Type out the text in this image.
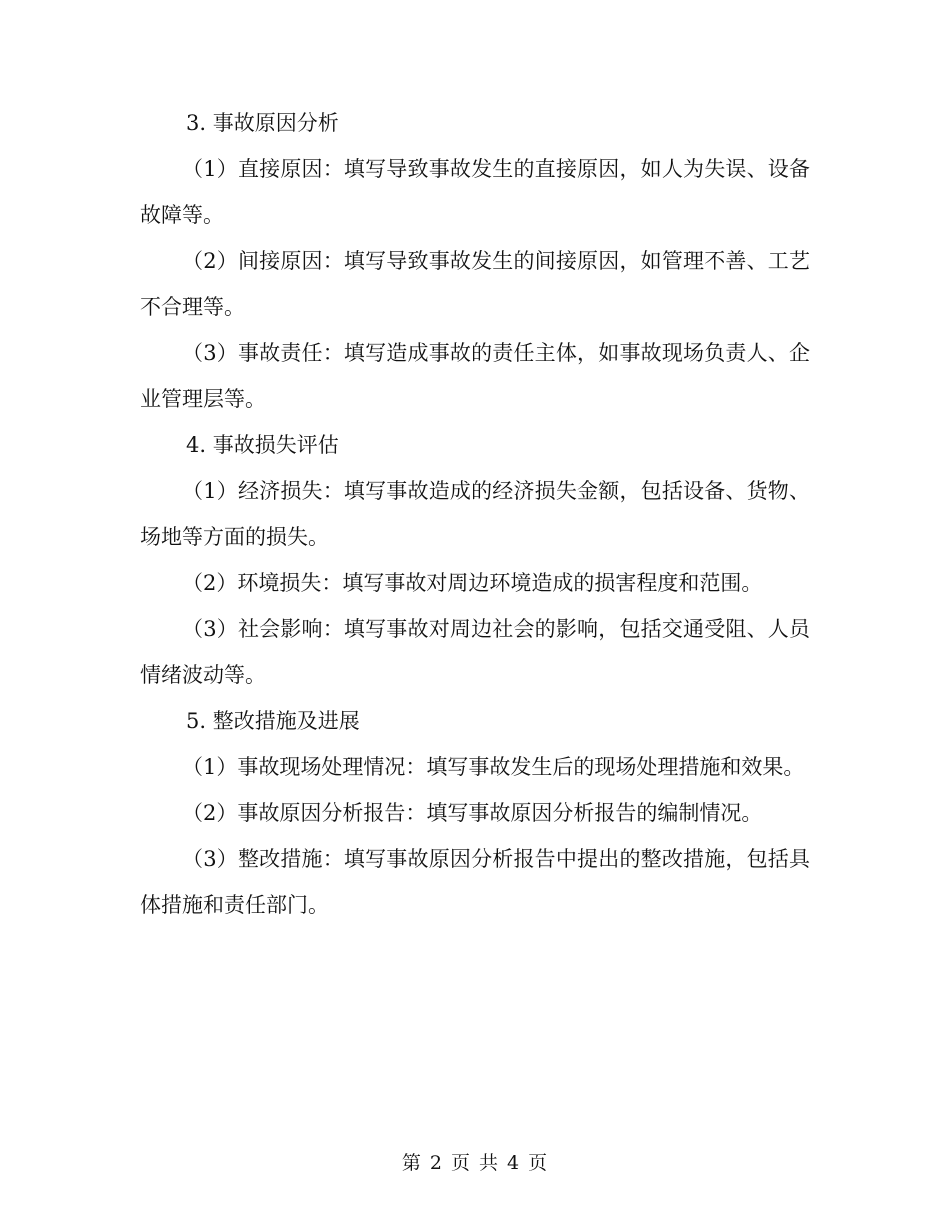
3. 事故原因分析

（1）直接原因：填写导致事故发生的直接原因，如人为失误、设备故障等。

（2）间接原因：填写导致事故发生的间接原因，如管理不善、工艺不合理等。

（3）事故责任：填写造成事故的责任主体，如事故现场负责人、企业管理层等。

4. 事故损失评估

（1）经济损失：填写事故造成的经济损失金额，包括设备、货物、场地等方面的损失。

（2）环境损失：填写事故对周边环境造成的损害程度和范围。

（3）社会影响：填写事故对周边社会的影响，包括交通受阻、人员情绪波动等。

5. 整改措施及进展

（1）事故现场处理情况：填写事故发生后的现场处理措施和效果。

（2）事故原因分析报告：填写事故原因分析报告的编制情况。

（3）整改措施：填写事故原因分析报告中提出的整改措施，包括具体措施和责任部门。

第 2 页 共 4 页
